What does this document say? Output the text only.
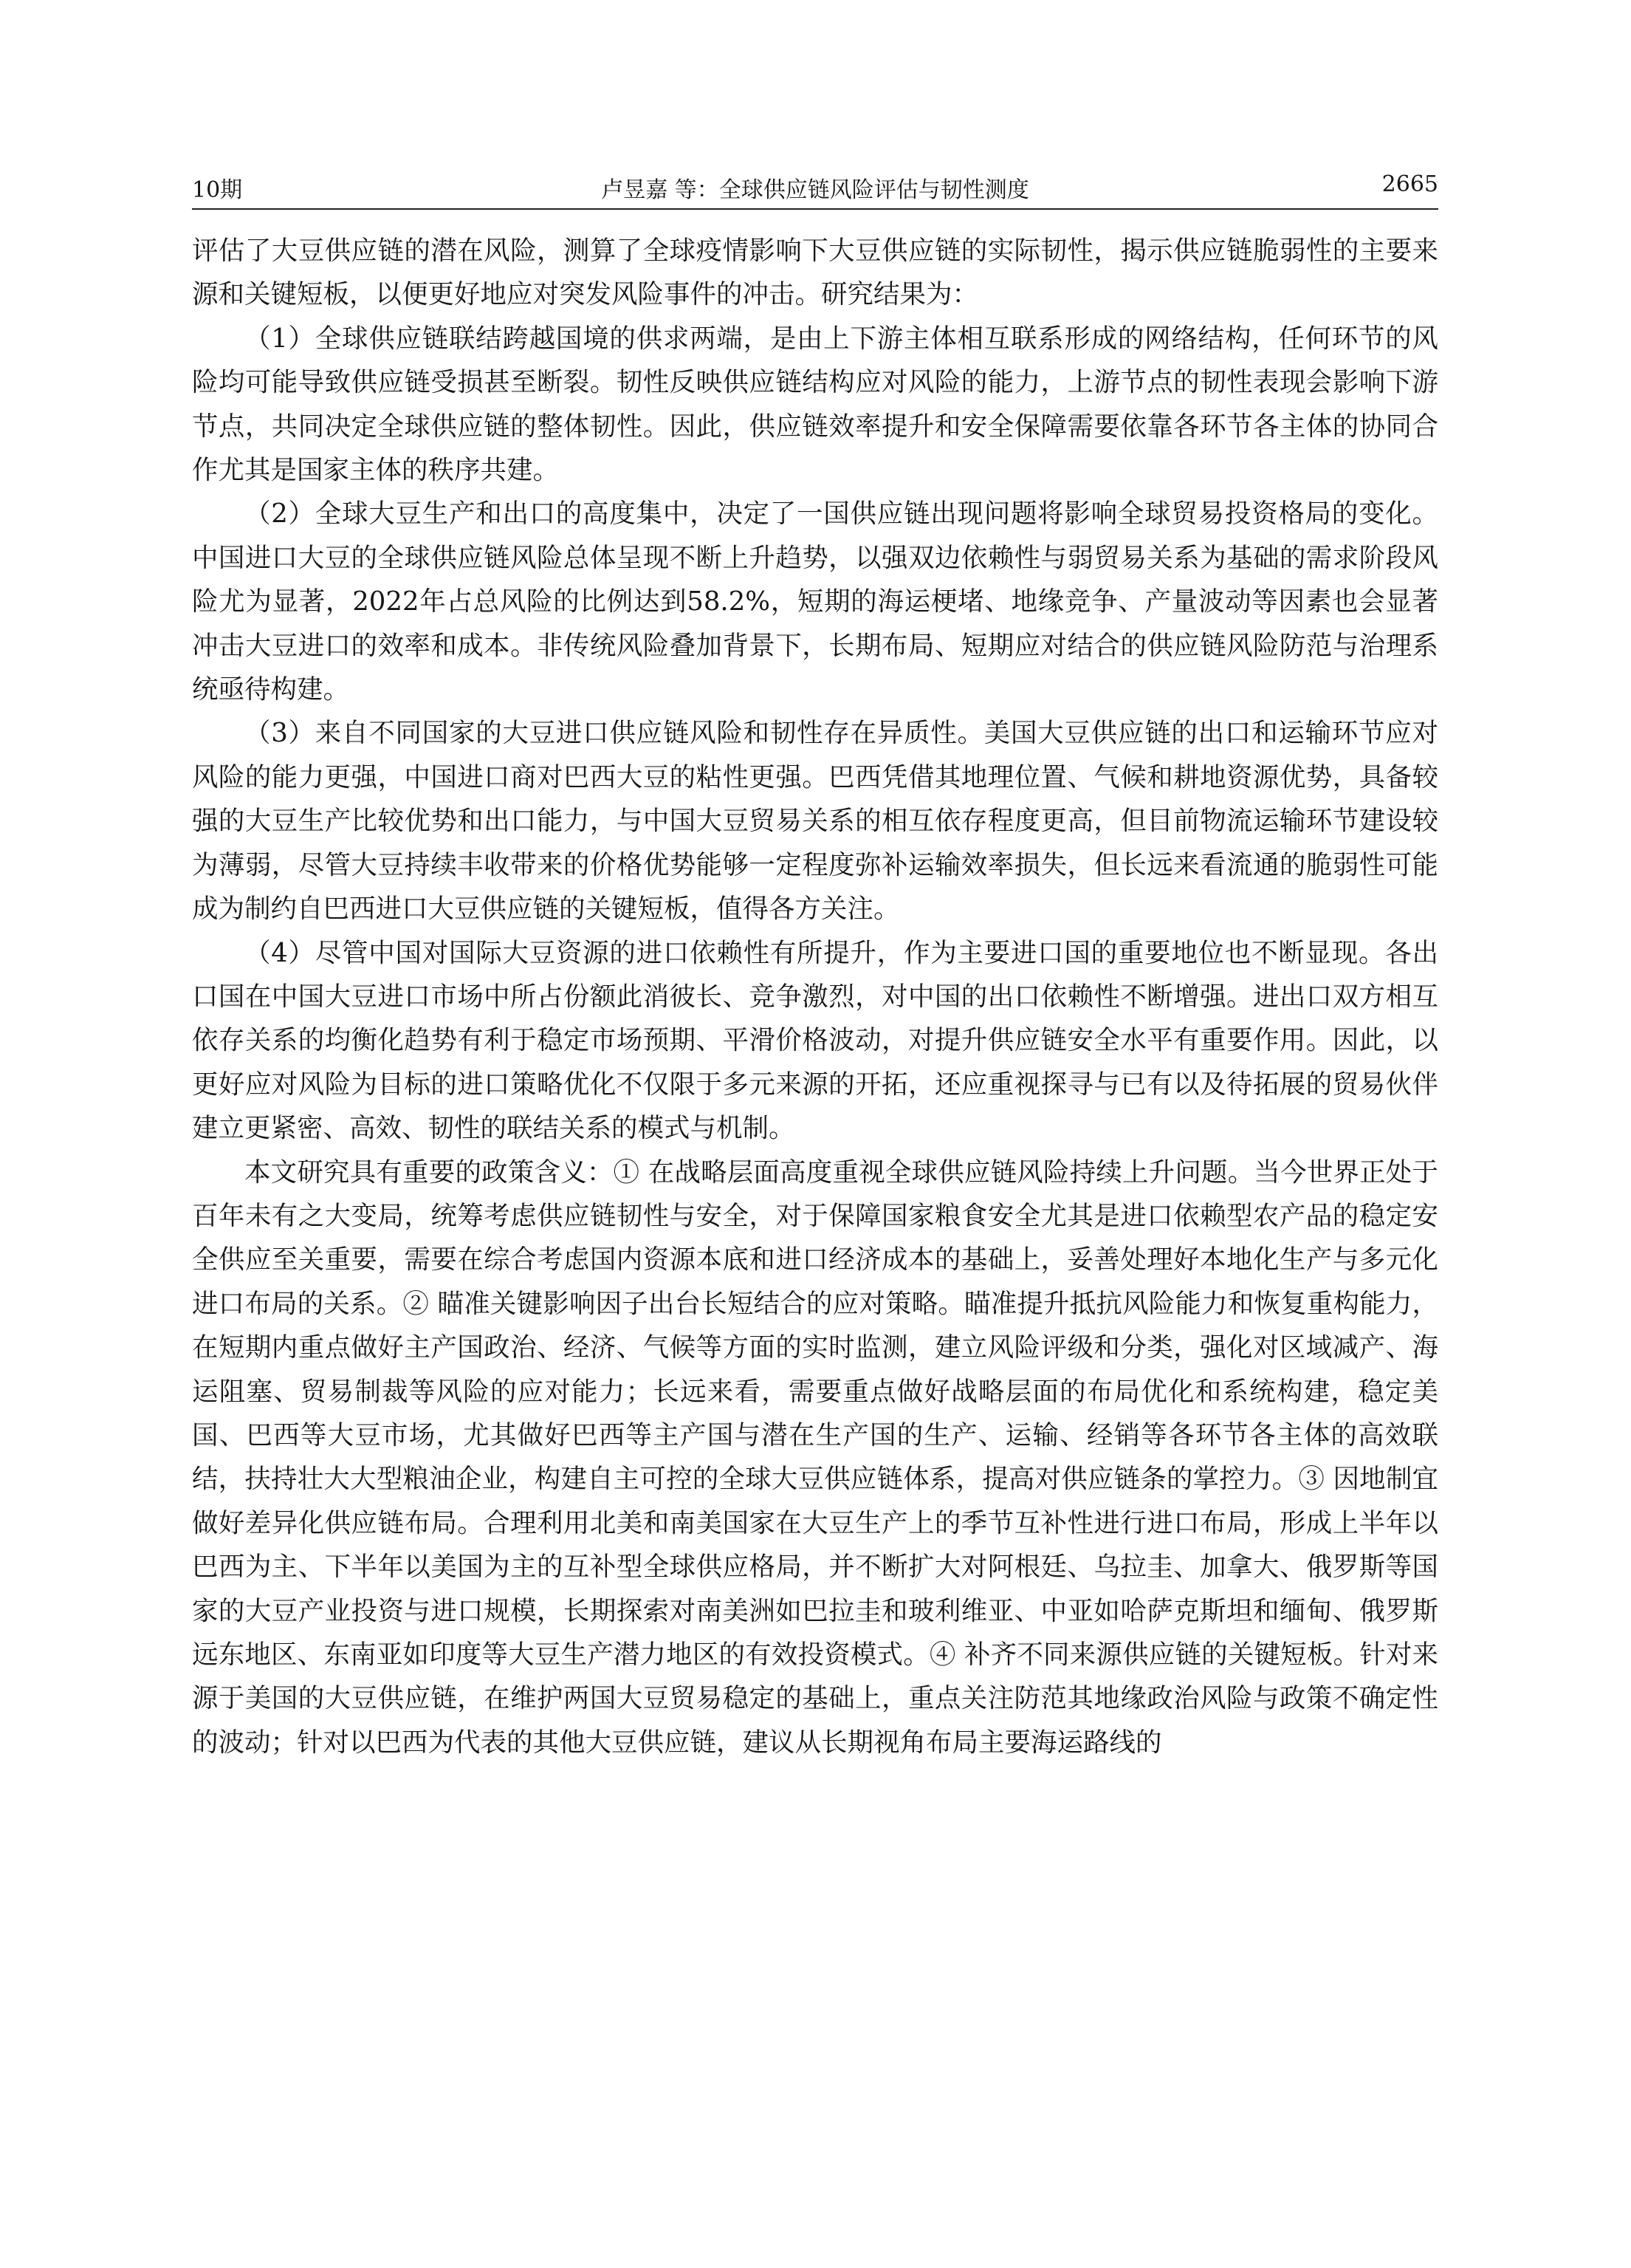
10期	卢昱嘉 等：全球供应链风险评估与韧性测度	2665

评估了大豆供应链的潜在风险，测算了全球疫情影响下大豆供应链的实际韧性，揭示供应链脆弱性的主要来源和关键短板，以便更好地应对突发风险事件的冲击。研究结果为：

（1）全球供应链联结跨越国境的供求两端，是由上下游主体相互联系形成的网络结构，任何环节的风险均可能导致供应链受损甚至断裂。韧性反映供应链结构应对风险的能力，上游节点的韧性表现会影响下游节点，共同决定全球供应链的整体韧性。因此，供应链效率提升和安全保障需要依靠各环节各主体的协同合作尤其是国家主体的秩序共建。

（2）全球大豆生产和出口的高度集中，决定了一国供应链出现问题将影响全球贸易投资格局的变化。中国进口大豆的全球供应链风险总体呈现不断上升趋势，以强双边依赖性与弱贸易关系为基础的需求阶段风险尤为显著，2022年占总风险的比例达到58.2%，短期的海运梗堵、地缘竞争、产量波动等因素也会显著冲击大豆进口的效率和成本。非传统风险叠加背景下，长期布局、短期应对结合的供应链风险防范与治理系统亟待构建。

（3）来自不同国家的大豆进口供应链风险和韧性存在异质性。美国大豆供应链的出口和运输环节应对风险的能力更强，中国进口商对巴西大豆的粘性更强。巴西凭借其地理位置、气候和耕地资源优势，具备较强的大豆生产比较优势和出口能力，与中国大豆贸易关系的相互依存程度更高，但目前物流运输环节建设较为薄弱，尽管大豆持续丰收带来的价格优势能够一定程度弥补运输效率损失，但长远来看流通的脆弱性可能成为制约自巴西进口大豆供应链的关键短板，值得各方关注。

（4）尽管中国对国际大豆资源的进口依赖性有所提升，作为主要进口国的重要地位也不断显现。各出口国在中国大豆进口市场中所占份额此消彼长、竞争激烈，对中国的出口依赖性不断增强。进出口双方相互依存关系的均衡化趋势有利于稳定市场预期、平滑价格波动，对提升供应链安全水平有重要作用。因此，以更好应对风险为目标的进口策略优化不仅限于多元来源的开拓，还应重视探寻与已有以及待拓展的贸易伙伴建立更紧密、高效、韧性的联结关系的模式与机制。

本文研究具有重要的政策含义：① 在战略层面高度重视全球供应链风险持续上升问题。当今世界正处于百年未有之大变局，统筹考虑供应链韧性与安全，对于保障国家粮食安全尤其是进口依赖型农产品的稳定安全供应至关重要，需要在综合考虑国内资源本底和进口经济成本的基础上，妥善处理好本地化生产与多元化进口布局的关系。② 瞄准关键影响因子出台长短结合的应对策略。瞄准提升抵抗风险能力和恢复重构能力，在短期内重点做好主产国政治、经济、气候等方面的实时监测，建立风险评级和分类，强化对区域减产、海运阻塞、贸易制裁等风险的应对能力；长远来看，需要重点做好战略层面的布局优化和系统构建，稳定美国、巴西等大豆市场，尤其做好巴西等主产国与潜在生产国的生产、运输、经销等各环节各主体的高效联结，扶持壮大大型粮油企业，构建自主可控的全球大豆供应链体系，提高对供应链条的掌控力。③ 因地制宜做好差异化供应链布局。合理利用北美和南美国家在大豆生产上的季节互补性进行进口布局，形成上半年以巴西为主、下半年以美国为主的互补型全球供应格局，并不断扩大对阿根廷、乌拉圭、加拿大、俄罗斯等国家的大豆产业投资与进口规模，长期探索对南美洲如巴拉圭和玻利维亚、中亚如哈萨克斯坦和缅甸、俄罗斯远东地区、东南亚如印度等大豆生产潜力地区的有效投资模式。④ 补齐不同来源供应链的关键短板。针对来源于美国的大豆供应链，在维护两国大豆贸易稳定的基础上，重点关注防范其地缘政治风险与政策不确定性的波动；针对以巴西为代表的其他大豆供应链，建议从长期视角布局主要海运路线的
